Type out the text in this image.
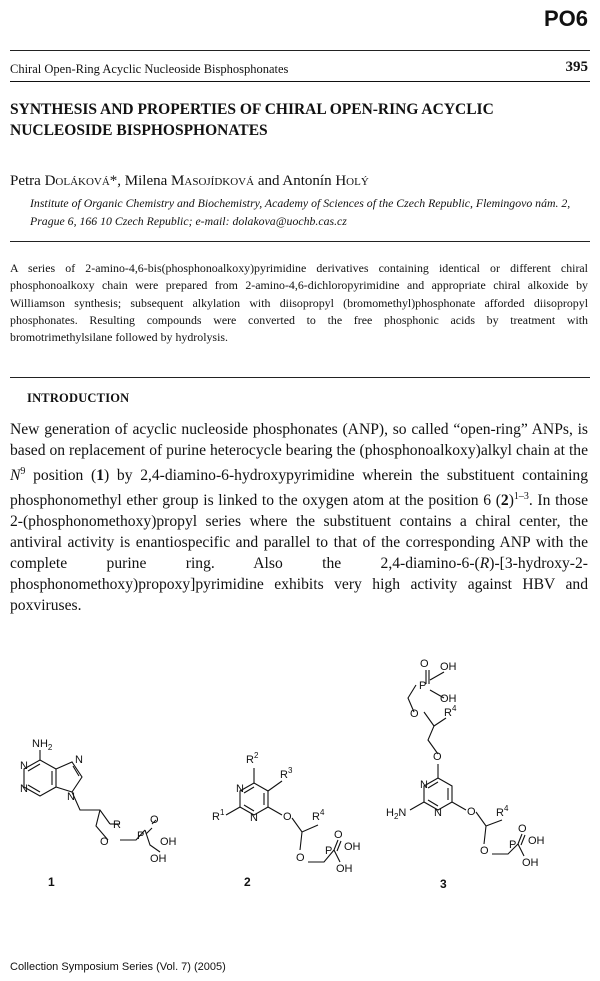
PO6
Chiral Open-Ring Acyclic Nucleoside Bisphosphonates	395
SYNTHESIS AND PROPERTIES OF CHIRAL OPEN-RING ACYCLIC NUCLEOSIDE BISPHOSPHONATES
Petra Doláková*, Milena Masojídková and Antonín Holý
Institute of Organic Chemistry and Biochemistry, Academy of Sciences of the Czech Republic, Flemingovo nám. 2, Prague 6, 166 10 Czech Republic; e-mail: dolakova@uochb.cas.cz
A series of 2-amino-4,6-bis(phosphonoalkoxy)pyrimidine derivatives containing identical or different chiral phosphonoalkoxy chain were prepared from 2-amino-4,6-dichloropyrimidine and appropriate chiral alkoxide by Williamson synthesis; subsequent alkylation with diisopropyl (bromomethyl)phosphonate afforded diisopropyl phosphonates. Resulting compounds were converted to the free phosphonic acids by treatment with bromotrimethylsilane followed by hydrolysis.
INTRODUCTION
New generation of acyclic nucleoside phosphonates (ANP), so called “open-ring” ANPs, is based on replacement of purine heterocycle bearing the (phosphonoalkoxy)alkyl chain at the $N^9$ position (1) by 2,4-diamino-6-hydroxypyrimidine wherein the substituent containing phosphonomethyl ether group is linked to the oxygen atom at the position 6 $(2)^{1-3}$. In those 2-(phosphonomethoxy)propyl series where the substituent contains a chiral center, the antiviral activity is enantiospecific and parallel to that of the corresponding ANP with the complete purine ring. Also the 2,4-diamino-6-(R)-[3-hydroxy-2-phosphonomethoxy)propoxy]pyrimidine exhibits very high activity against HBV and poxviruses.
$NH_2$
N
N
N
N
R
O	P
O
OH
OH
$R^2$
$R^3$
$R^1$
N
N O $R^4$
O
P
O
OH
OH
O OH
P
OH
O $R^4$
O
N
N
$H_2N$	O $R^4$
O P
O
OH
OH
1	2	3
Collection Symposium Series (Vol. 7) (2005)
